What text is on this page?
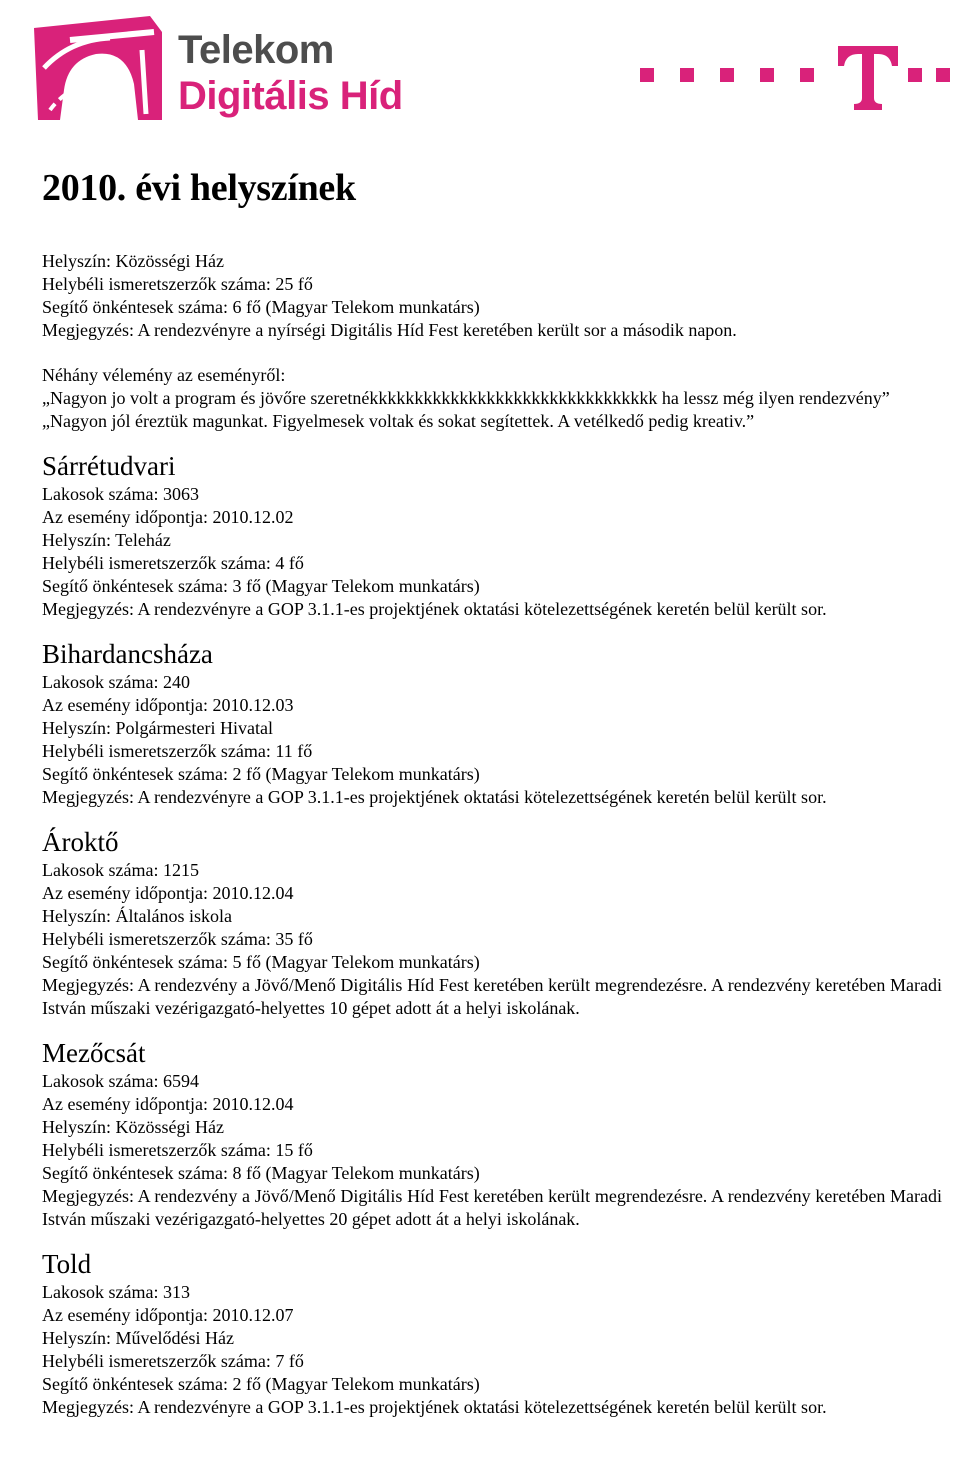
Telekom
Digitális Híd
2010. évi helyszínek
Helyszín: Közösségi Ház
Helybéli ismeretszerzők száma: 25 fő
Segítő önkéntesek száma: 6 fő (Magyar Telekom munkatárs)
Megjegyzés: A rendezvényre a nyírségi Digitális Híd Fest keretében került sor a második napon.
Néhány vélemény az eseményről:
„Nagyon jo volt a program és jövőre szeretnékkkkkkkkkkkkkkkkkkkkkkkkkkkkkkkk ha lessz még ilyen rendezvény”
„Nagyon jól éreztük magunkat. Figyelmesek voltak és sokat segítettek. A vetélkedő pedig kreativ.”
Sárrétudvari
Lakosok száma: 3063
Az esemény időpontja: 2010.12.02
Helyszín: Teleház
Helybéli ismeretszerzők száma: 4 fő
Segítő önkéntesek száma: 3 fő (Magyar Telekom munkatárs)
Megjegyzés: A rendezvényre a GOP 3.1.1-es projektjének oktatási kötelezettségének keretén belül került sor.
Bihardancsháza
Lakosok száma: 240
Az esemény időpontja: 2010.12.03
Helyszín: Polgármesteri Hivatal
Helybéli ismeretszerzők száma: 11 fő
Segítő önkéntesek száma: 2 fő (Magyar Telekom munkatárs)
Megjegyzés: A rendezvényre a GOP 3.1.1-es projektjének oktatási kötelezettségének keretén belül került sor.
Ároktő
Lakosok száma: 1215
Az esemény időpontja: 2010.12.04
Helyszín: Általános iskola
Helybéli ismeretszerzők száma: 35 fő
Segítő önkéntesek száma: 5 fő (Magyar Telekom munkatárs)
Megjegyzés: A rendezvény a Jövő/Menő Digitális Híd Fest keretében került megrendezésre. A rendezvény keretében Maradi István műszaki vezérigazgató-helyettes 10 gépet adott át a helyi iskolának.
Mezőcsát
Lakosok száma: 6594
Az esemény időpontja: 2010.12.04
Helyszín: Közösségi Ház
Helybéli ismeretszerzők száma: 15 fő
Segítő önkéntesek száma: 8 fő (Magyar Telekom munkatárs)
Megjegyzés: A rendezvény a Jövő/Menő Digitális Híd Fest keretében került megrendezésre. A rendezvény keretében Maradi István műszaki vezérigazgató-helyettes 20 gépet adott át a helyi iskolának.
Told
Lakosok száma: 313
Az esemény időpontja: 2010.12.07
Helyszín: Művelődési Ház
Helybéli ismeretszerzők száma: 7 fő
Segítő önkéntesek száma: 2 fő (Magyar Telekom munkatárs)
Megjegyzés: A rendezvényre a GOP 3.1.1-es projektjének oktatási kötelezettségének keretén belül került sor.
